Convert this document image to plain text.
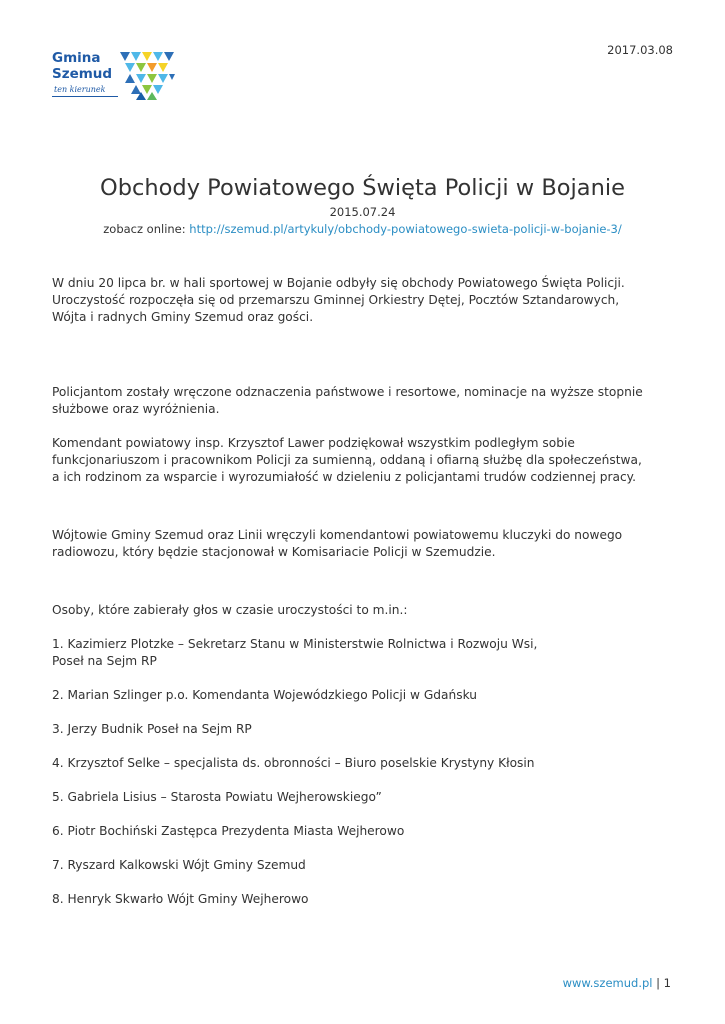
Gmina
Szemud
ten kierunek
2017.03.08
Obchody Powiatowego Święta Policji w Bojanie
2015.07.24
zobacz online: http://szemud.pl/artykuly/obchody-powiatowego-swieta-policji-w-bojanie-3/

W dniu 20 lipca br. w hali sportowej w Bojanie odbyły się obchody Powiatowego Święta Policji. Uroczystość rozpoczęła się od przemarszu Gminnej Orkiestry Dętej, Pocztów Sztandarowych, Wójta i radnych Gminy Szemud oraz gości.

Policjantom zostały wręczone odznaczenia państwowe i resortowe, nominacje na wyższe stopnie służbowe oraz wyróżnienia.

Komendant powiatowy insp. Krzysztof Lawer podziękował wszystkim podległym sobie funkcjonariuszom i pracownikom Policji za sumienną, oddaną i ofiarną służbę dla społeczeństwa, a ich rodzinom za wsparcie i wyrozumiałość w dzieleniu z policjantami trudów codziennej pracy.

Wójtowie Gminy Szemud oraz Linii wręczyli komendantowi powiatowemu kluczyki do nowego radiowozu, który będzie stacjonował w Komisariacie Policji w Szemudzie.

Osoby, które zabierały głos w czasie uroczystości to m.in.:

1. Kazimierz Plotzke – Sekretarz Stanu w Ministerstwie Rolnictwa i Rozwoju Wsi, Poseł na Sejm RP

2. Marian Szlinger p.o. Komendanta Wojewódzkiego Policji w Gdańsku

3. Jerzy Budnik Poseł na Sejm RP

4. Krzysztof Selke – specjalista ds. obronności – Biuro poselskie Krystyny Kłosin

5. Gabriela Lisius – Starosta Powiatu Wejherowskiego”

6. Piotr Bochiński Zastępca Prezydenta Miasta Wejherowo

7. Ryszard Kalkowski Wójt Gminy Szemud

8. Henryk Skwarło Wójt Gminy Wejherowo

www.szemud.pl | 1
